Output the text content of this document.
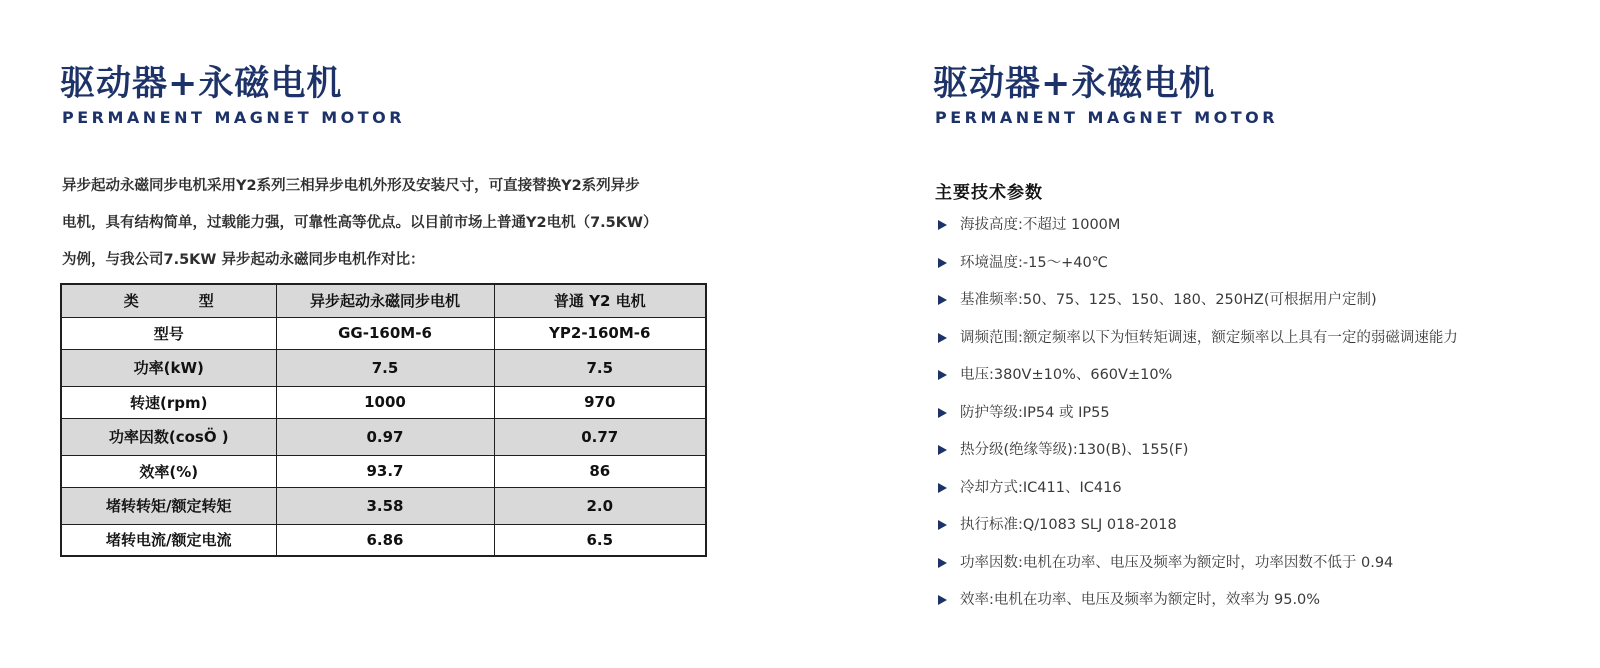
驱动器+永磁电机
PERMANENT MAGNET MOTOR

异步起动永磁同步电机采用Y2系列三相异步电机外形及安装尺寸，可直接替换Y2系列异步电机，具有结构简单，过载能力强，可靠性高等优点。以目前市场上普通Y2电机（7.5KW）为例，与我公司7.5KW 异步起动永磁同步电机作对比：

类　　　　型	异步起动永磁同步电机	普通 Y2 电机
型号	GG-160M-6	YP2-160M-6
功率(kW)	7.5	7.5
转速(rpm)	1000	970
功率因数(cosÖ )	0.97	0.77
效率(%)	93.7	86
堵转转矩/额定转矩	3.58	2.0
堵转电流/额定电流	6.86	6.5
驱动器+永磁电机
PERMANENT MAGNET MOTOR
主要技术参数
海拔高度:不超过 1000M
环境温度:-15～+40℃
基准频率:50、75、125、150、180、250HZ(可根据用户定制)
调频范围:额定频率以下为恒转矩调速，额定频率以上具有一定的弱磁调速能力
电压:380V±10%、660V±10%
防护等级:IP54 或 IP55
热分级(绝缘等级):130(B)、155(F)
冷却方式:IC411、IC416
执行标准:Q/1083 SLJ 018-2018
功率因数:电机在功率、电压及频率为额定时，功率因数不低于 0.94
效率:电机在功率、电压及频率为额定时，效率为 95.0%
